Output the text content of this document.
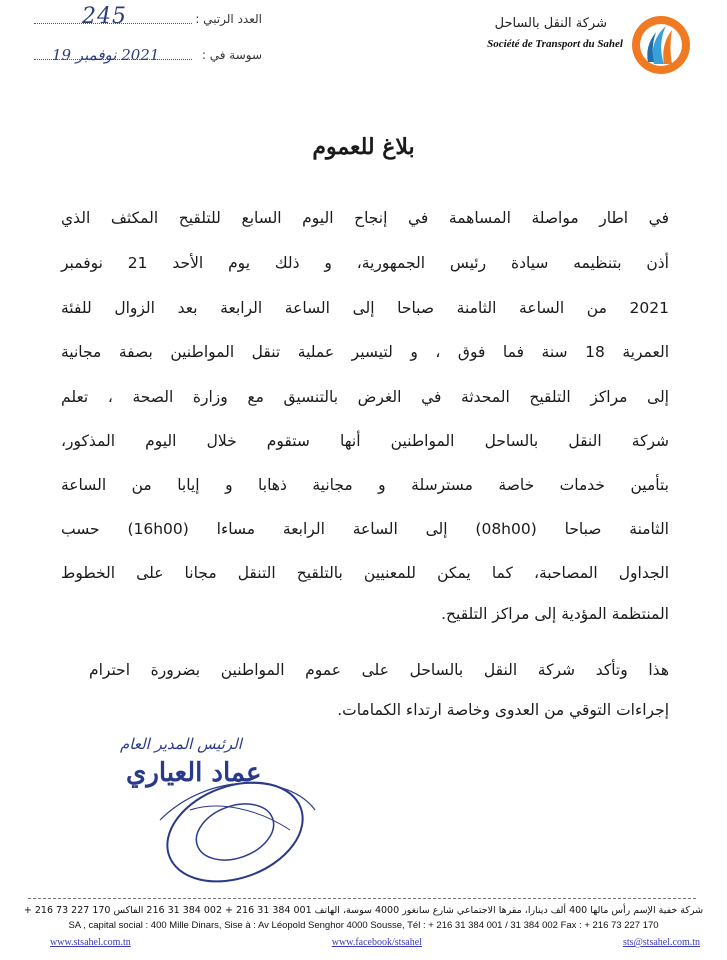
شركة النقل بالساحل
Société de Transport du Sahel
العدد الرتبي :
245
سوسة في :
2021 نوفمبر 19
بلاغ للعموم
في اطار مواصلة المساهمة في إنجاح اليوم السابع للتلقيح المكثف الذي
أذن بتنظيمه سيادة رئيس الجمهورية، و ذلك يوم الأحد 21 نوفمبر
2021 من الساعة الثامنة صباحا إلى الساعة الرابعة بعد الزوال للفئة
العمرية 18 سنة فما فوق ، و لتيسير عملية تنقل المواطنين بصفة مجانية
إلى مراكز التلقيح المحدثة في الغرض بالتنسيق مع وزارة الصحة ، تعلم
شركة النقل بالساحل المواطنين أنها ستقوم خلال اليوم المذكور،
بتأمين خدمات خاصة مسترسلة و مجانية ذهابا و إيابا من الساعة
الثامنة صباحا (08h00) إلى الساعة الرابعة مساءا (16h00) حسب
الجداول المصاحبة، كما يمكن للمعنيين بالتلقيح التنقل مجانا على الخطوط
المنتظمة المؤدية إلى مراكز التلقيح.
هذا وتأكد شركة النقل بالساحل على عموم المواطنين بضرورة احترام
إجراءات التوقي من العدوى وخاصة ارتداء الكمامات.
الرئيس المدير العام
عماد العياري
شركة خفية الإسم رأس مالها 400 ألف دينارا، مقرها الاجتماعي شارع سانغور 4000 سوسة، الهاتف 001 384 31 216 + 002 384 31 216 الفاكس 170 227 73 216 +
SA , capital social : 400 Mille Dinars, Sise à : Av Léopold Senghor 4000 Sousse, Tél : + 216 31 384 001 / 31 384 002 Fax : + 216 73 227 170
www.stsahel.com.tn	www.facebook/stsahel	sts@stsahel.com.tn
